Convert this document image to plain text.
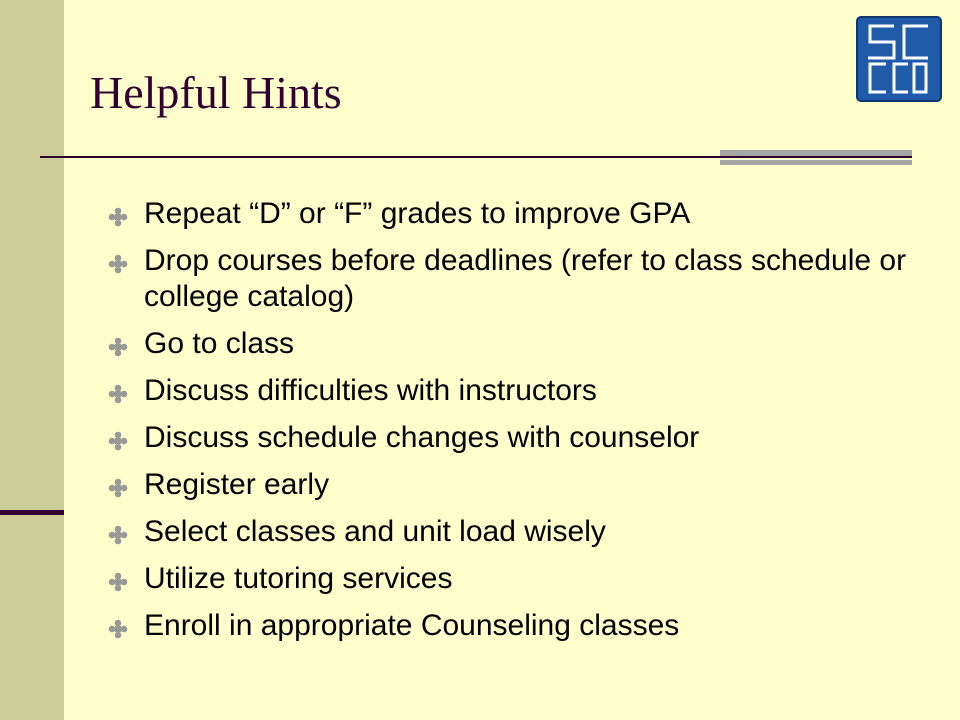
Helpful Hints
Repeat “D” or “F” grades to improve GPA
Drop courses before deadlines (refer to class schedule or college catalog)
Go to class
Discuss difficulties with instructors
Discuss schedule changes with counselor
Register early
Select classes and unit load wisely
Utilize tutoring services
Enroll in appropriate Counseling classes
